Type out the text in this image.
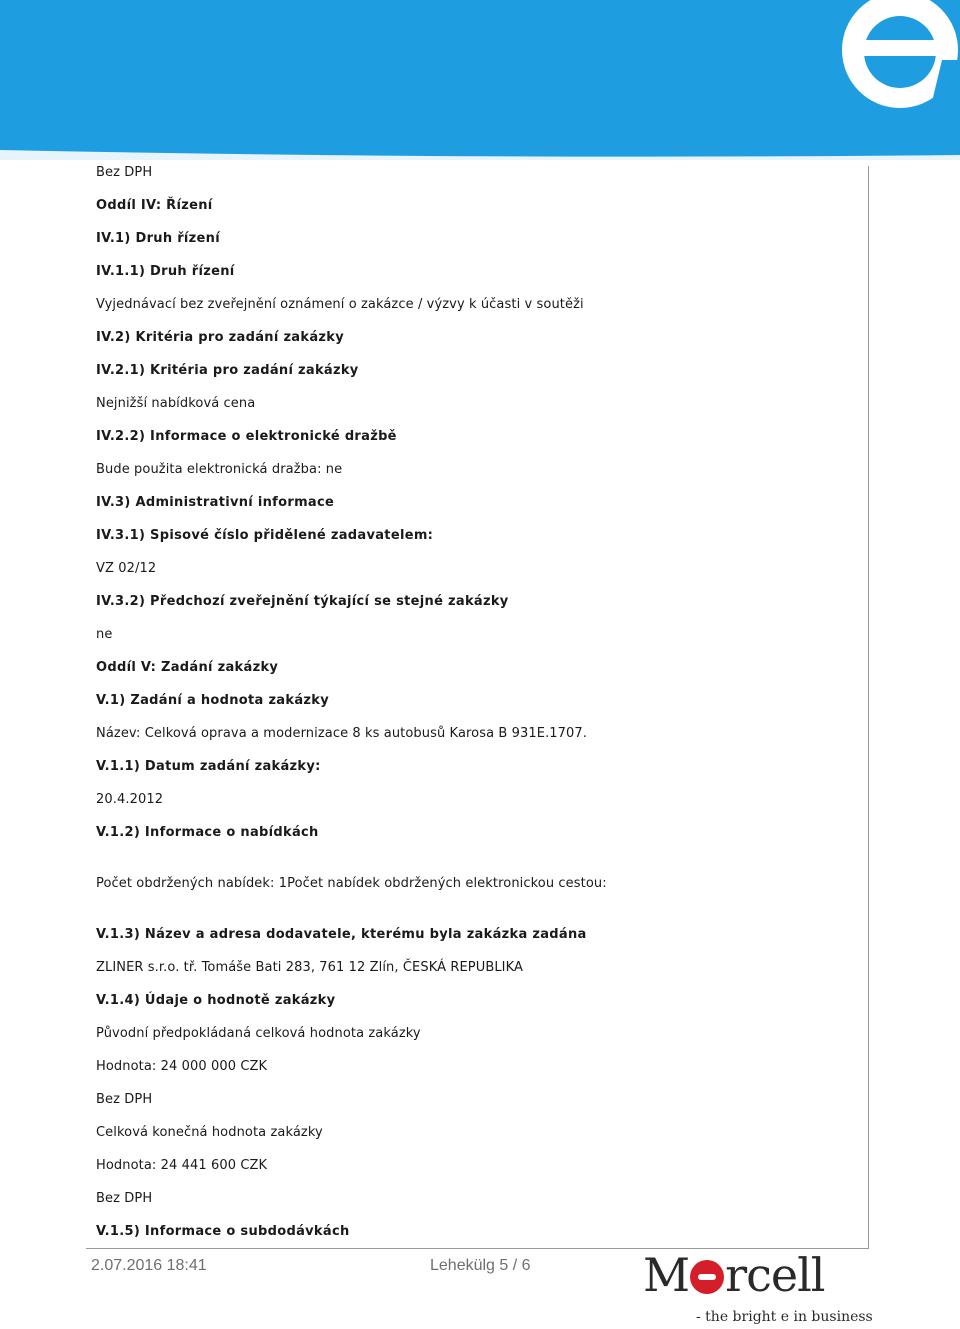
Bez DPH
Oddíl IV: Řízení
IV.1) Druh řízení
IV.1.1) Druh řízení
Vyjednávací bez zveřejnění oznámení o zakázce / výzvy k účasti v soutěži
IV.2) Kritéria pro zadání zakázky
IV.2.1) Kritéria pro zadání zakázky
Nejnižší nabídková cena
IV.2.2) Informace o elektronické dražbě
Bude použita elektronická dražba: ne
IV.3) Administrativní informace
IV.3.1) Spisové číslo přidělené zadavatelem:
VZ 02/12
IV.3.2) Předchozí zveřejnění týkající se stejné zakázky
ne
Oddíl V: Zadání zakázky
V.1) Zadání a hodnota zakázky
Název: Celková oprava a modernizace 8 ks autobusů Karosa B 931E.1707.
V.1.1) Datum zadání zakázky:
20.4.2012
V.1.2) Informace o nabídkách
Počet obdržených nabídek: 1Počet nabídek obdržených elektronickou cestou:
V.1.3) Název a adresa dodavatele, kterému byla zakázka zadána
ZLINER s.r.o. tř. Tomáše Bati 283, 761 12 Zlín, ČESKÁ REPUBLIKA
V.1.4) Údaje o hodnotě zakázky
Původní předpokládaná celková hodnota zakázky
Hodnota: 24 000 000 CZK
Bez DPH
Celková konečná hodnota zakázky
Hodnota: 24 441 600 CZK
Bez DPH
V.1.5) Informace o subdodávkách
2.07.2016 18:41	Lehekülg 5 / 6 M rcell
- the bright e in business
